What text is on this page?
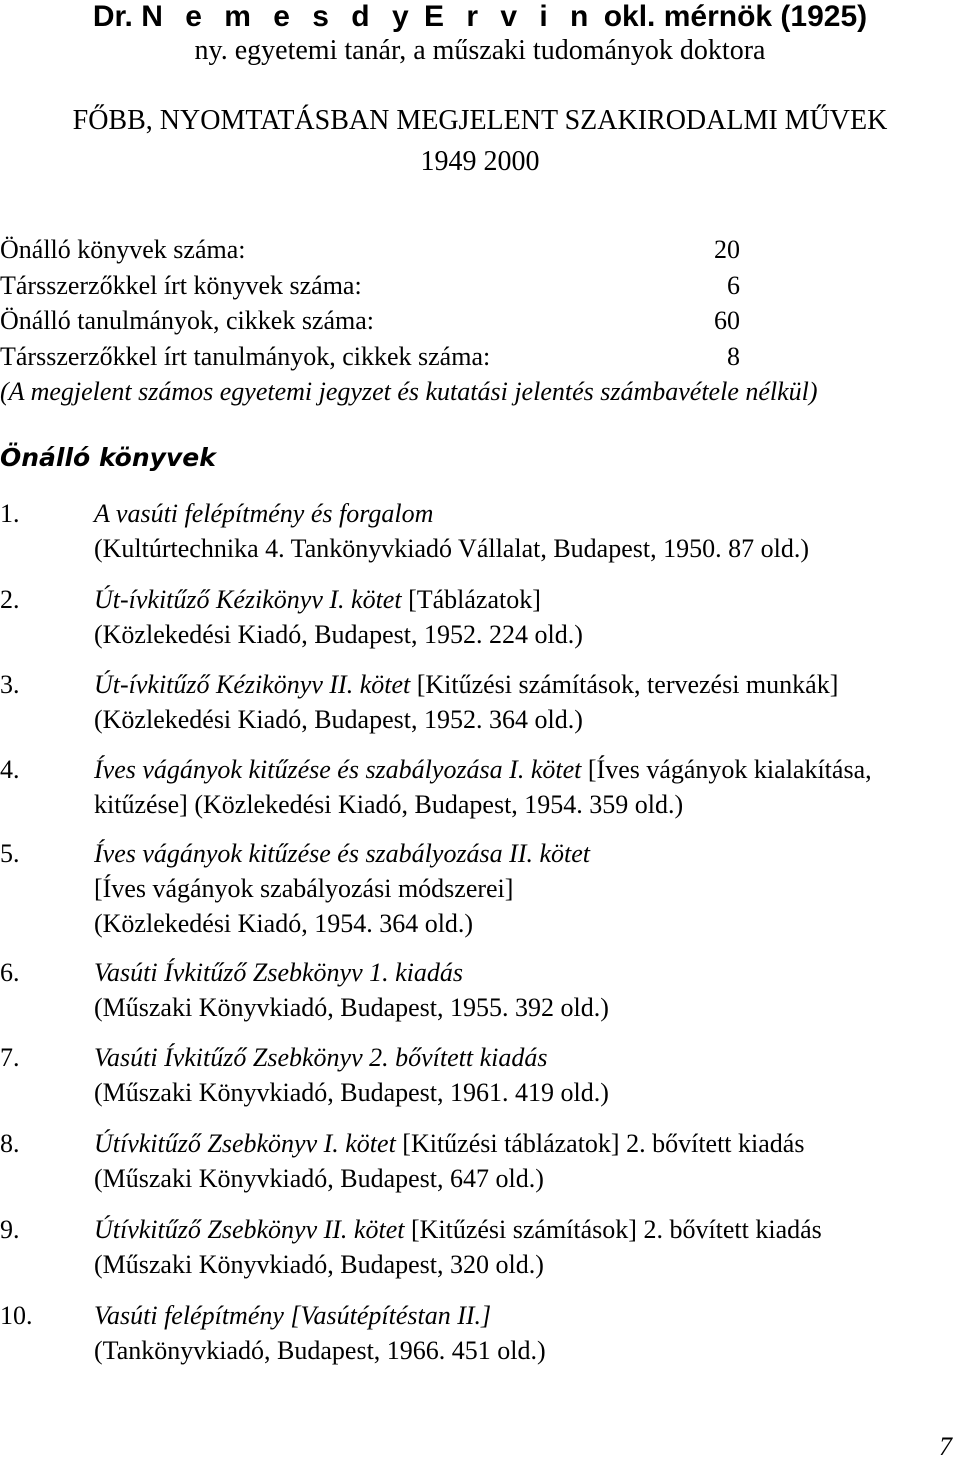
Dr. N e m e s d y E r v i n okl. mérnök (1925)
ny. egyetemi tanár, a műszaki tudományok doktora
FŐBB, NYOMTATÁSBAN MEGJELENT SZAKIRODALMI MŰVEK
1949 2000
Önálló könyvek száma:	20
Társszerzőkkel írt könyvek száma:	6
Önálló tanulmányok, cikkek száma:	60
Társszerzőkkel írt tanulmányok, cikkek száma:	8
(A megjelent számos egyetemi jegyzet és kutatási jelentés számbavétele nélkül)
Önálló könyvek
1.	A vasúti felépítmény és forgalom
(Kultúrtechnika 4. Tankönyvkiadó Vállalat, Budapest, 1950. 87 old.)
2.	Út-ívkitűző Kézikönyv I. kötet [Táblázatok]
(Közlekedési Kiadó, Budapest, 1952. 224 old.)
3.	Út-ívkitűző Kézikönyv II. kötet [Kitűzési számítások, tervezési munkák]
(Közlekedési Kiadó, Budapest, 1952. 364 old.)
4.	Íves vágányok kitűzése és szabályozása I. kötet [Íves vágányok kialakítása,
kitűzése] (Közlekedési Kiadó, Budapest, 1954. 359 old.)
5.	Íves vágányok kitűzése és szabályozása II. kötet
[Íves vágányok szabályozási módszerei]
(Közlekedési Kiadó, 1954. 364 old.)
6.	Vasúti Ívkitűző Zsebkönyv 1. kiadás
(Műszaki Könyvkiadó, Budapest, 1955. 392 old.)
7.	Vasúti Ívkitűző Zsebkönyv 2. bővített kiadás
(Műszaki Könyvkiadó, Budapest, 1961. 419 old.)
8.	Útívkitűző Zsebkönyv I. kötet [Kitűzési táblázatok] 2. bővített kiadás
(Műszaki Könyvkiadó, Budapest, 647 old.)
9.	Útívkitűző Zsebkönyv II. kötet [Kitűzési számítások] 2. bővített kiadás
(Műszaki Könyvkiadó, Budapest, 320 old.)
10. Vasúti felépítmény [Vasútépítéstan II.]
(Tankönyvkiadó, Budapest, 1966. 451 old.)
7
